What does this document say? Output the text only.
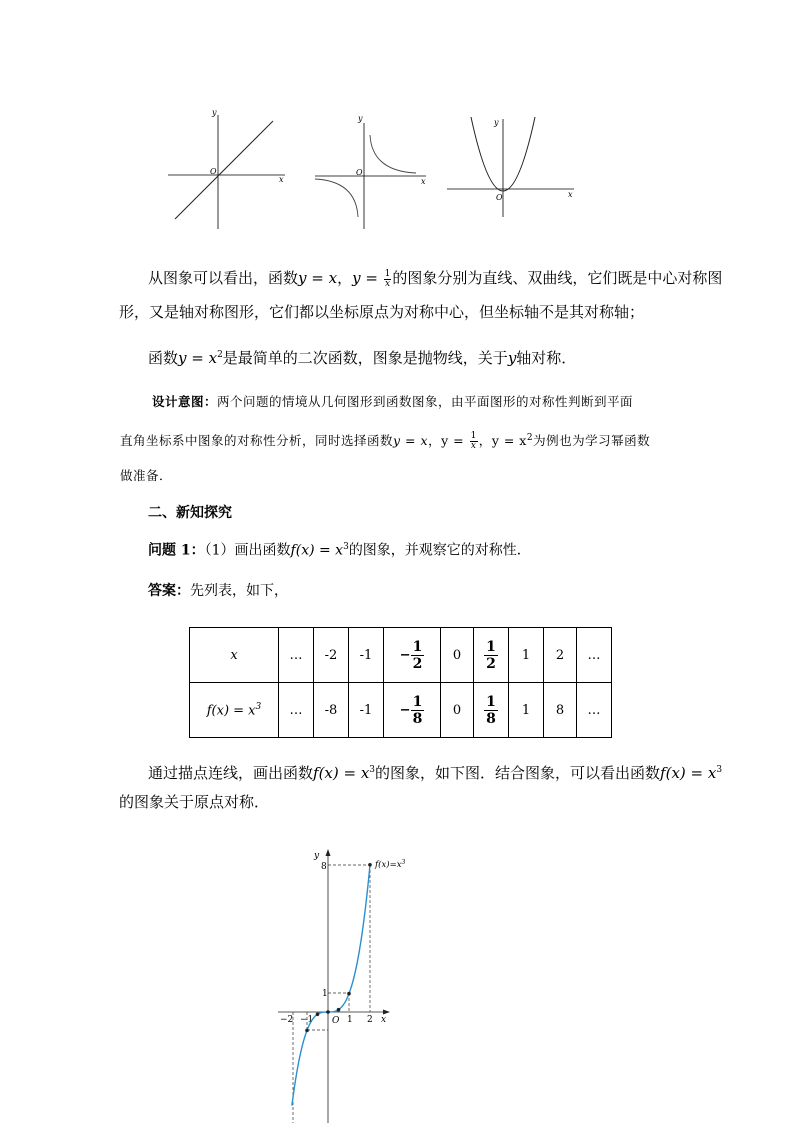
y
x
O
y
x
O
y
x
O
从图象可以看出，函数y = x，$y = \frac{1}{x}$ 的图象分别为直线、双曲线，它们既是中心对称图
形，又是轴对称图形，它们都以坐标原点为对称中心，但坐标轴不是其对称轴；
函数$y = x^2$是最简单的二次函数，图象是抛物线，关于y轴对称．
设计意图：两个问题的情境从几何图形到函数图象，由平面图形的对称性判断到平面
直角坐标系中图象的对称性分析，同时选择函数y = x，$y = \frac{1}{x}$ ，$y = x^2$为例也为学习幂函数
做准备．
二、新知探究
问题 1：（1）画出函数$f(x) = x^3$的图象，并观察它的对称性．
答案：先列表，如下，
x	…	-2	-1	− $\frac{1}{2}$	0	$\frac{1}{2}$	1	2	…
$f(x) = x^3$	…	-8	-1	− $\frac{1}{8}$	0	$\frac{1}{8}$	1	8	…
通过描点连线，画出函数$f(x) = x^3$的图象，如下图．结合图象，可以看出函数$f(x) = x^3$
的图象关于原点对称．
y
x
8
1
−2 −1 O 1 2
$f(x)=x^3$
